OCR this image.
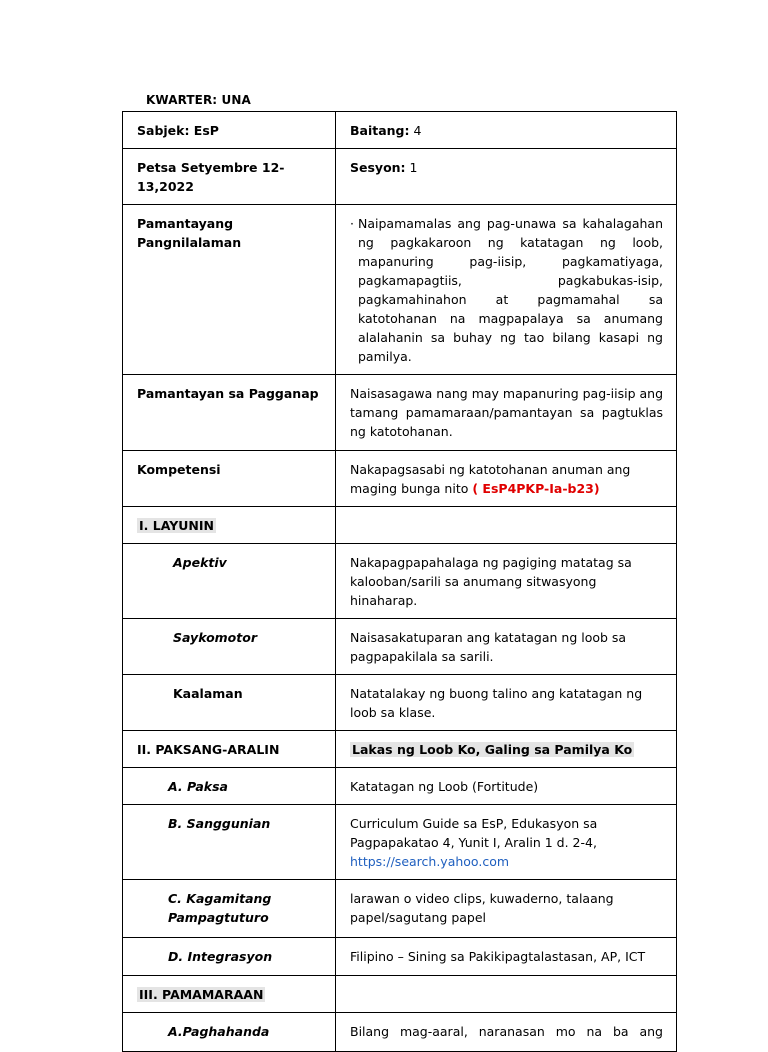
KWARTER: UNA
Sabjek: EsP	Baitang: 4

Petsa Setyembre 12-13,2022	Sesyon: 1

Pamantayang Pangnilalaman	· Naipamamalas ang pag-unawa sa kahalagahan ng pagkakaroon ng katatagan ng loob, mapanuring pag-iisip, pagkamatiyaga, pagkamapagtiis, pagkabukas-isip, pagkamahinahon at pagmamahal sa katotohanan na magpapalaya sa anumang alalahanin sa buhay ng tao bilang kasapi ng pamilya.

Pamantayan sa Pagganap	Naisasagawa nang may mapanuring pag-iisip ang tamang pamamaraan/pamantayan sa pagtuklas ng katotohanan.

Kompetensi	Nakapagsasabi ng katotohanan anuman ang maging bunga nito ( EsP4PKP-Ia-b23)

I. LAYUNIN	

Apektiv	Nakapagpapahalaga ng pagiging matatag sa kalooban/sarili sa anumang sitwasyong hinaharap.

Saykomotor	Naisasakatuparan ang katatagan ng loob sa pagpapakilala sa sarili.

Kaalaman	Natatalakay ng buong talino ang katatagan ng loob sa klase.

II. PAKSANG-ARALIN	Lakas ng Loob Ko, Galing sa Pamilya Ko

A. Paksa	Katatagan ng Loob (Fortitude)

B. Sanggunian	Curriculum Guide sa EsP, Edukasyon sa Pagpapakatao 4, Yunit I, Aralin 1 d. 2-4,
https://search.yahoo.com

C. Kagamitang
Pampagtuturo	larawan o video clips, kuwaderno, talaang papel/sagutang papel

D. Integrasyon	Filipino – Sining sa Pakikipagtalastasan, AP, ICT

III. PAMAMARAAN	

A.Paghahanda	Bilang mag-aaral, naranasan mo na ba ang
